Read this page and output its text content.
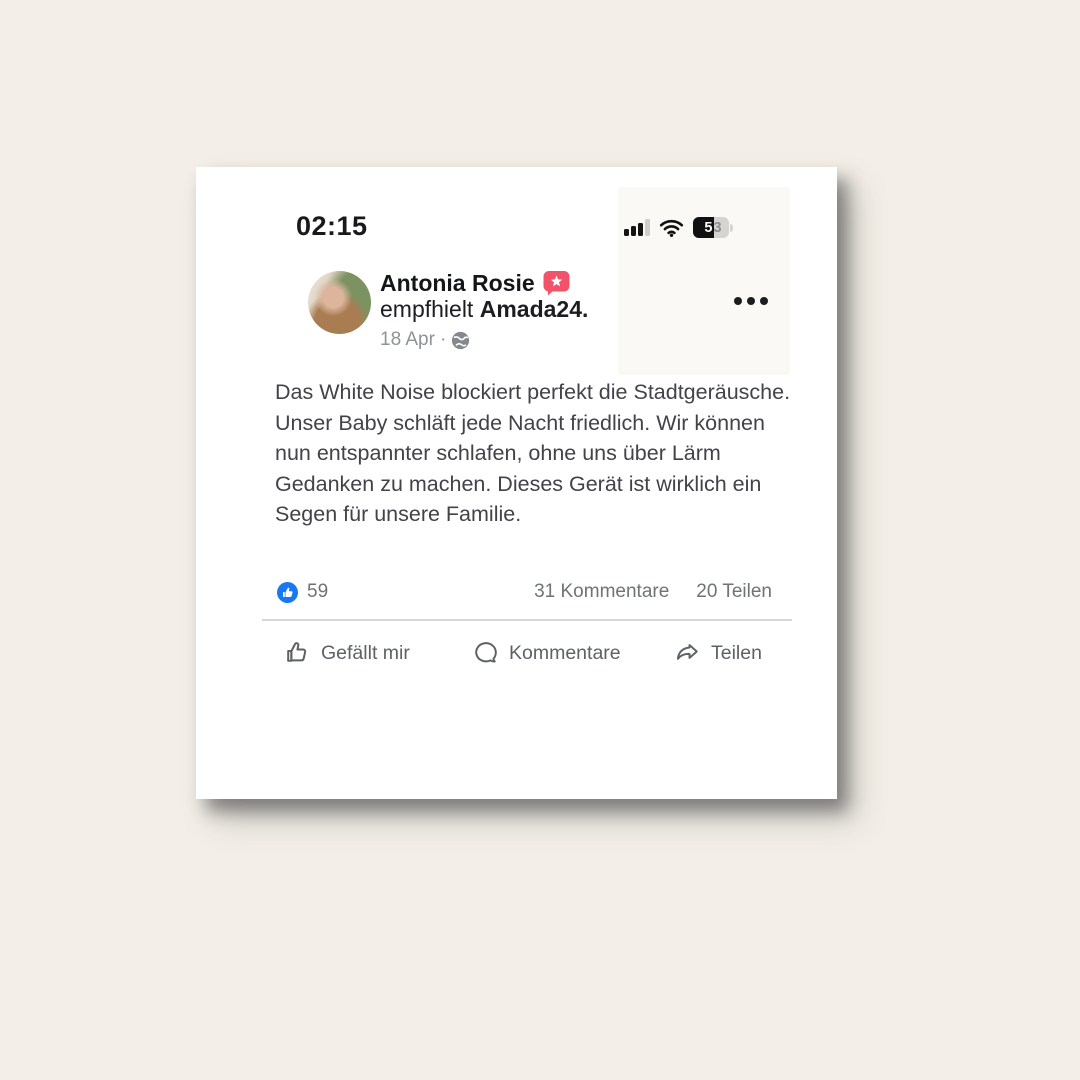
02:15	5 3
Antonia Rosie
empfhielt Amada24.
18 Apr ·
Das White Noise blockiert perfekt die Stadtgeräusche. Unser Baby schläft jede Nacht friedlich. Wir können nun entspannter schlafen, ohne uns über Lärm Gedanken zu machen. Dieses Gerät ist wirklich ein Segen für unsere Familie.
59	31 Kommentare 20 Teilen
Gefällt mir	Kommentare	Teilen
